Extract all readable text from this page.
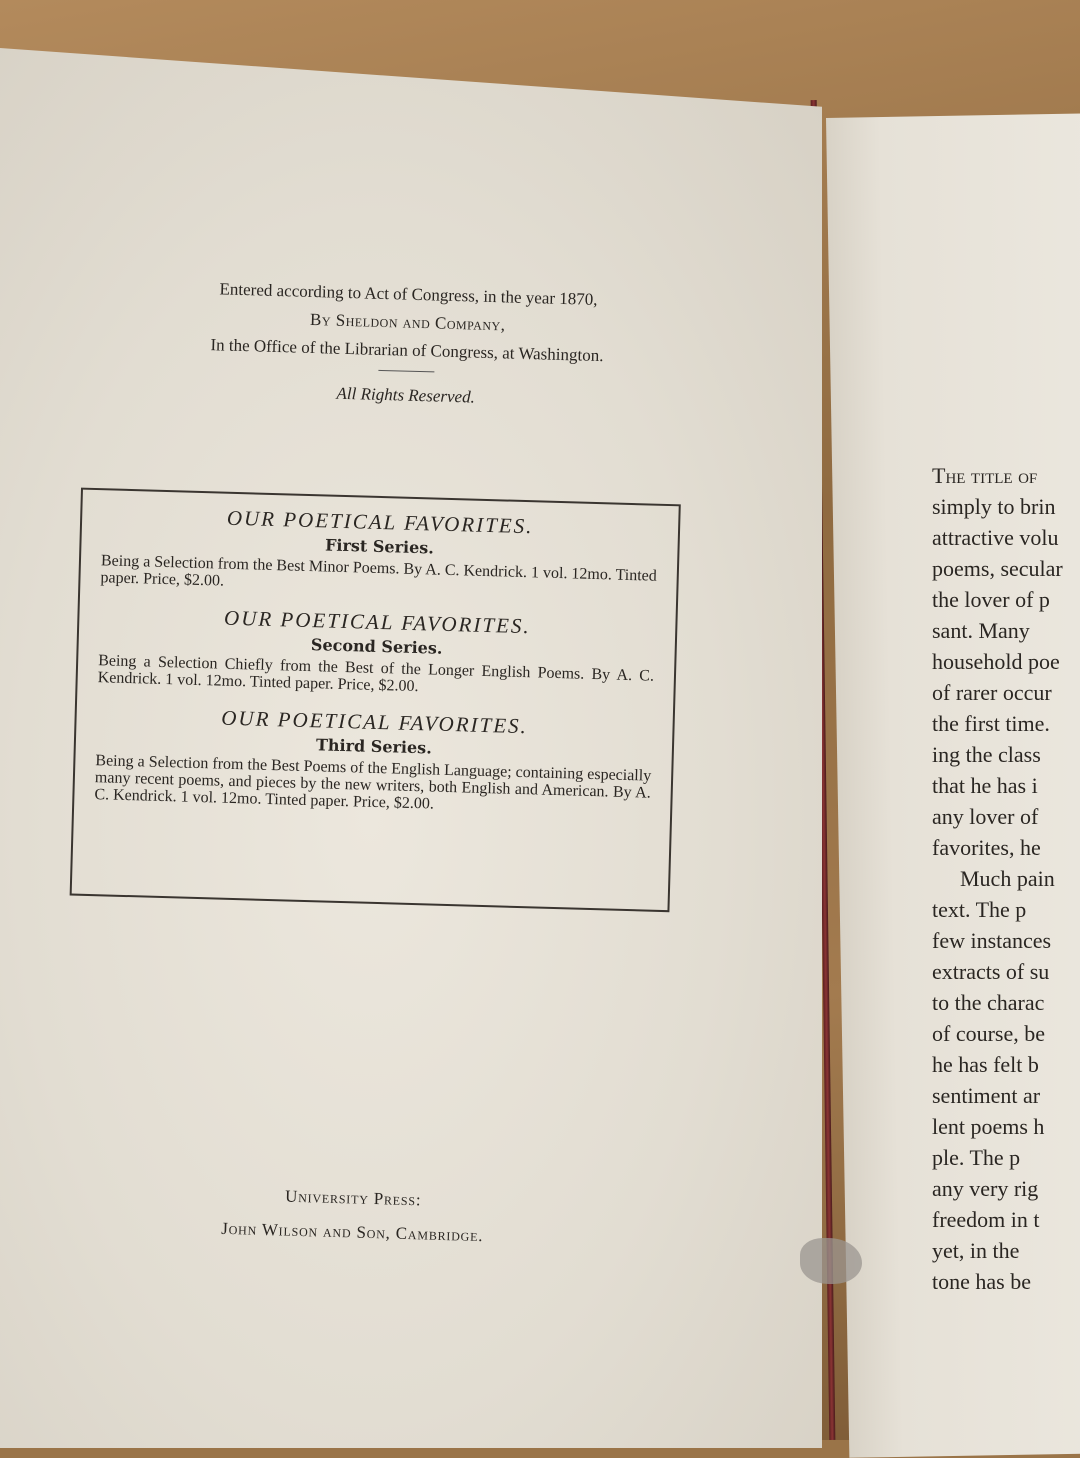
The title of
simply to brin
attractive volu
poems, secular
the lover of p
sant. Many
household poe
of rarer occur
the first time.
ing the class
that he has i
any lover of
favorites, he
Much pain
text. The p
few instances
extracts of su
to the charac
of course, be
he has felt b
sentiment ar
lent poems h
ple. The p
any very rig
freedom in t
yet, in the
tone has be
Entered according to Act of Congress, in the year 1870,
By Sheldon and Company,
In the Office of the Librarian of Congress, at Washington.
All Rights Reserved.
OUR POETICAL FAVORITES.
First Series.
Being a Selection from the Best Minor Poems. By A. C. Kendrick. 1 vol. 12mo. Tinted paper. Price, $2.00.
OUR POETICAL FAVORITES.
Second Series.
Being a Selection Chiefly from the Best of the Longer English Poems. By A. C. Kendrick. 1 vol. 12mo. Tinted paper. Price, $2.00.
OUR POETICAL FAVORITES.
Third Series.
Being a Selection from the Best Poems of the English Language; containing especially many recent poems, and pieces by the new writers, both English and American. By A. C. Kendrick. 1 vol. 12mo. Tinted paper. Price, $2.00.
University Press:
John Wilson and Son, Cambridge.
